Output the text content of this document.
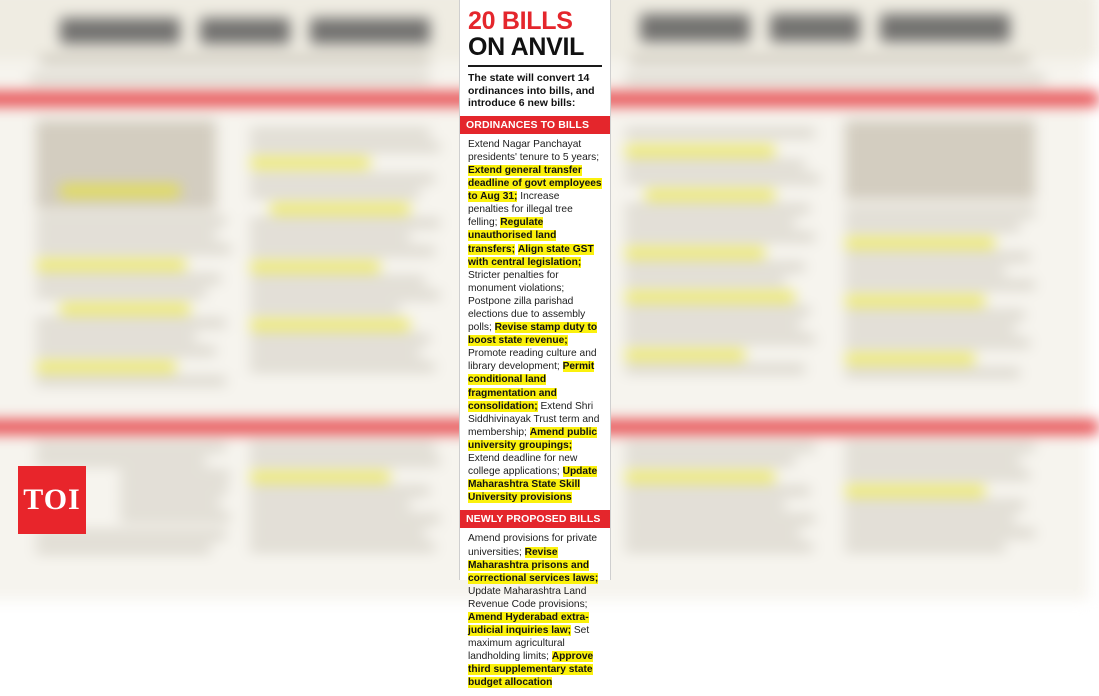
TOI
20 BILLS
ON ANVIL
The state will convert 14 ordinances into bills, and introduce 6 new bills:
ORDINANCES TO BILLS
Extend Nagar Panchayat presidents' tenure to 5 years; Extend general transfer deadline of govt employees to Aug 31; Increase penalties for illegal tree felling; Regulate unauthorised land transfers; Align state GST with central legislation; Stricter penalties for monument violations; Postpone zilla parishad elections due to assembly polls; Revise stamp duty to boost state revenue; Promote reading culture and library development; Permit conditional land fragmentation and consolidation; Extend Shri Siddhivinayak Trust term and membership; Amend public university groupings; Extend deadline for new college applications; Update Maharashtra State Skill University provisions
NEWLY PROPOSED BILLS
Amend provisions for private universities; Revise Maharashtra prisons and correctional services laws; Update Maharashtra Land Revenue Code provisions; Amend Hyderabad extra-judicial inquiries law; Set maximum agricultural landholding limits; Approve third supplementary state budget allocation
